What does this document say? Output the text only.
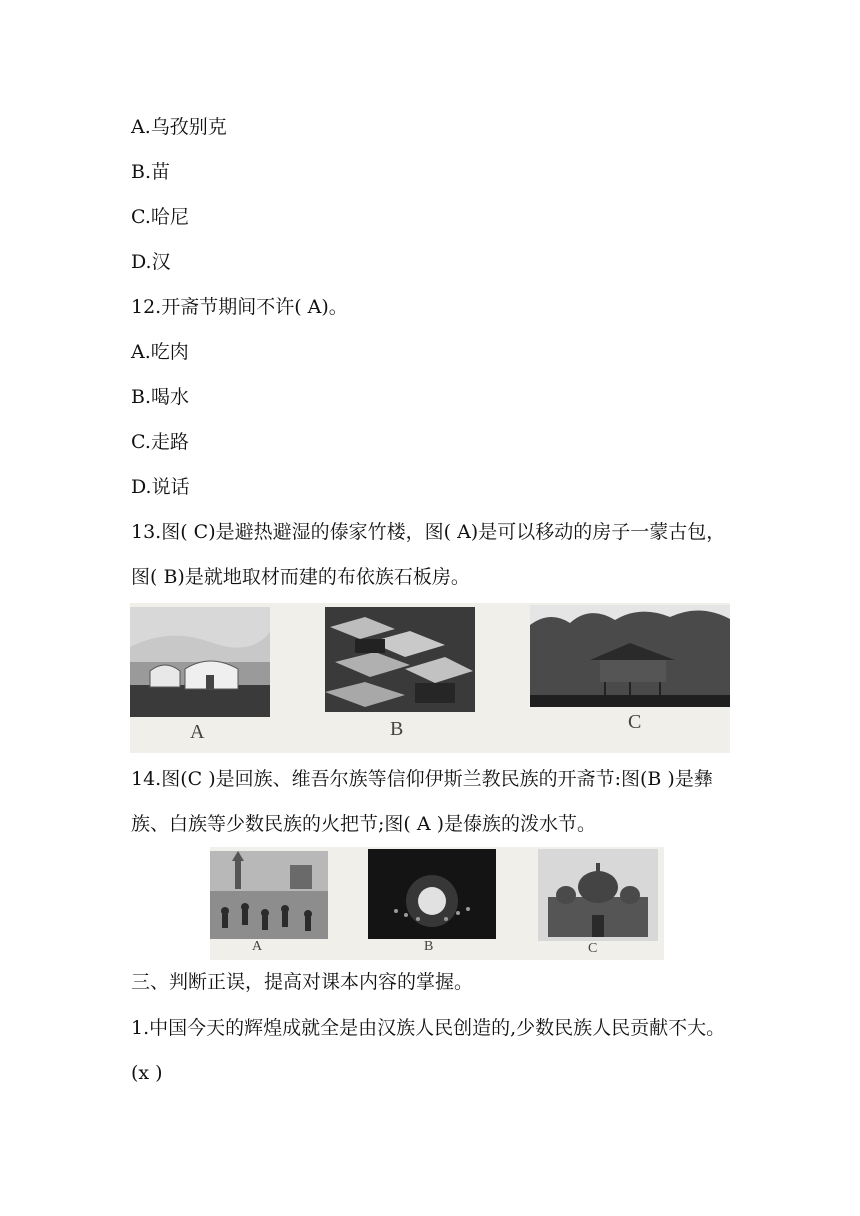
A.乌孜别克
B.苗
C.哈尼
D.汉
12.开斋节期间不许( A)。
A.吃肉
B.喝水
C.走路
D.说话
13.图( C)是避热避湿的傣家竹楼，图( A)是可以移动的房子一蒙古包，图( B)是就地取材而建的布依族石板房。
A	B	C
14.图(C )是回族、维吾尔族等信仰伊斯兰教民族的开斋节:图(B )是彝族、白族等少数民族的火把节;图( A )是傣族的泼水节。
A	B	C
三、判断正误，提高对课本内容的掌握。
1.中国今天的辉煌成就全是由汉族人民创造的,少数民族人民贡献不大。(x )
